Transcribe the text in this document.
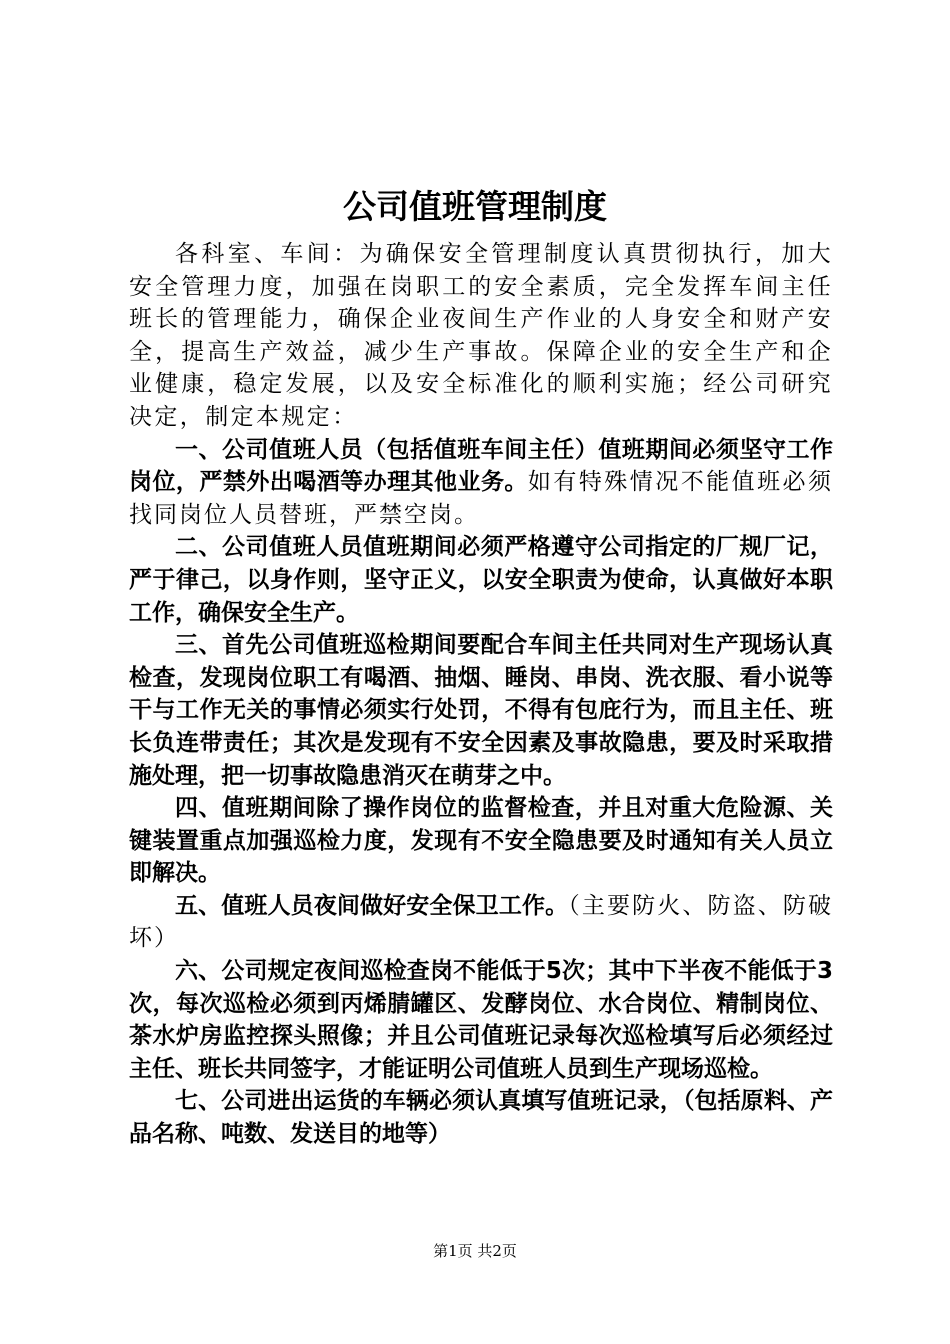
公司值班管理制度

各科室、车间：为确保安全管理制度认真贯彻执行，加大安全管理力度，加强在岗职工的安全素质，完全发挥车间主任班长的管理能力，确保企业夜间生产作业的人身安全和财产安全，提高生产效益，减少生产事故。保障企业的安全生产和企业健康，稳定发展，以及安全标准化的顺利实施；经公司研究决定，制定本规定：

一、公司值班人员（包括值班车间主任）值班期间必须坚守工作岗位，严禁外出喝酒等办理其他业务。如有特殊情况不能值班必须找同岗位人员替班，严禁空岗。

二、公司值班人员值班期间必须严格遵守公司指定的厂规厂记，严于律己，以身作则，坚守正义，以安全职责为使命，认真做好本职工作，确保安全生产。

三、首先公司值班巡检期间要配合车间主任共同对生产现场认真检查，发现岗位职工有喝酒、抽烟、睡岗、串岗、洗衣服、看小说等干与工作无关的事情必须实行处罚，不得有包庇行为，而且主任、班长负连带责任；其次是发现有不安全因素及事故隐患，要及时采取措施处理，把一切事故隐患消灭在萌芽之中。

四、值班期间除了操作岗位的监督检查，并且对重大危险源、关键装置重点加强巡检力度，发现有不安全隐患要及时通知有关人员立即解决。

五、值班人员夜间做好安全保卫工作。（主要防火、防盗、防破坏）

六、公司规定夜间巡检查岗不能低于5次；其中下半夜不能低于3次，每次巡检必须到丙烯腈罐区、发酵岗位、水合岗位、精制岗位、茶水炉房监控探头照像；并且公司值班记录每次巡检填写后必须经过主任、班长共同签字，才能证明公司值班人员到生产现场巡检。

七、公司进出运货的车辆必须认真填写值班记录，（包括原料、产品名称、吨数、发送目的地等）

第1页 共2页
